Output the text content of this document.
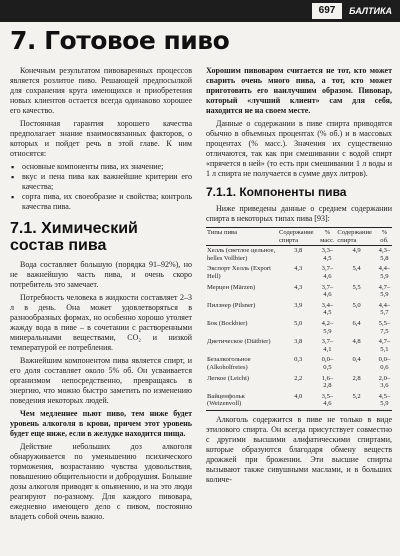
697	БАЛТИКА
7. Готовое пиво

Конечным результатом пивоваренных процессов является розлитое пиво. Решающей предпосылкой для сохранения круга имеющихся и приобретения новых клиентов остается всегда одинаково хорошее его качество.

Постоянная гарантия хорошего качества предполагает знание взаимосвязанных факторов, о которых и пойдет речь в этой главе. К ним относятся:

▪ основные компоненты пива, их значение;
▪ вкус и пена пива как важнейшие критерии его качества;
▪ сорта пива, их своеобразие и свойства; контроль качества пива.
7.1. Химический состав пива

Вода составляет большую (порядка 91–92%), но не важнейшую часть пива, и очень скоро потребитель это замечает.

Потребность человека в жидкости составляет 2–3 л в день. Она может удовлетворяться в разнообразных формах, но особенно хорошо утоляет жажду вода в пиве – в сочетании с растворенными минеральными веществами, CO₂ и низкой температурой ее потребления.

Важнейшим компонентом пива является спирт, и его доля составляет около 5% об. Он усваивается организмом непосредственно, превращаясь в энергию, что можно быстро заметить по изменению поведения некоторых людей.

Чем медленнее пьют пиво, тем ниже будет уровень алкоголя в крови, причем этот уровень будет еще ниже, если в желудке находится пища.

Действие небольших доз алкоголя обнаруживается по уменьшению психического торможения, возрастанию чувства удовольствия, повышению общительности и добродушия. Большие дозы алкоголя приводят к опьянению, и на это люди реагируют по-разному. Для каждого пивовара, ежедневно имеющего дело с пивом, постоянно владеть собой очень важно.

Хорошим пивоваром считается не тот, кто может сварить очень много пива, а тот, кто может приготовить его наилучшим образом. Пивовар, который «лучший клиент» сам для себя, находится не на своем месте.

Данные о содержании в пиве спирта приводятся обычно в объемных процентах (% об.) и в массовых процентах (% масс.). Значения их существенно отличаются, так как при смешивании с водой спирт «прячется в ней» (то есть при смешивании 1 л воды и 1 л спирта не получается в сумме двух литров).

7.1.1. Компоненты пива

Ниже приведены данные о среднем содержании спирта в некоторых типах пива [93]:

Типы пива	Содержание спирта	% масс.	Содержание спирта	% об.
Хелль (светлое цельное, helles Vollbier)	3,8	3,3–4,5	4,9	4,3–5,8
Экспорт Хелль (Export Hell)	4,3	3,7–4,6	5,4	4,4–5,9
Мерцен (Märzen)	4,3	3,7–4,6	5,5	4,7–5,9
Пилзнер (Pilsner)	3,9	3,4–4,5	5,0	4,4–5,7
Бок (Bockbier)	5,0	4,2–5,9	6,4	5,5–7,5
Диетическое (Diätbier)	3,8	3,7–4,1	4,8	4,7–5,1
Безалкогольное (Alkoholfreies)	0,3	0,0–0,5	0,4	0,0–0,6
Легкое (Leicht)	2,2	1,6–2,8	2,8	2,0–3,6
Вайценфольк (Weizenvoll)	4,0	3,5–4,6	5,2	4,5–5,9

Алкоголь содержится в пиве не только в виде этилового спирта. Он всегда присутствует совместно с другими высшими алифатическими спиртами, которые образуются благодаря обмену веществ дрожжей при брожении. Эти высшие спирты вызывают также сивушными маслами, и в больших количе-
